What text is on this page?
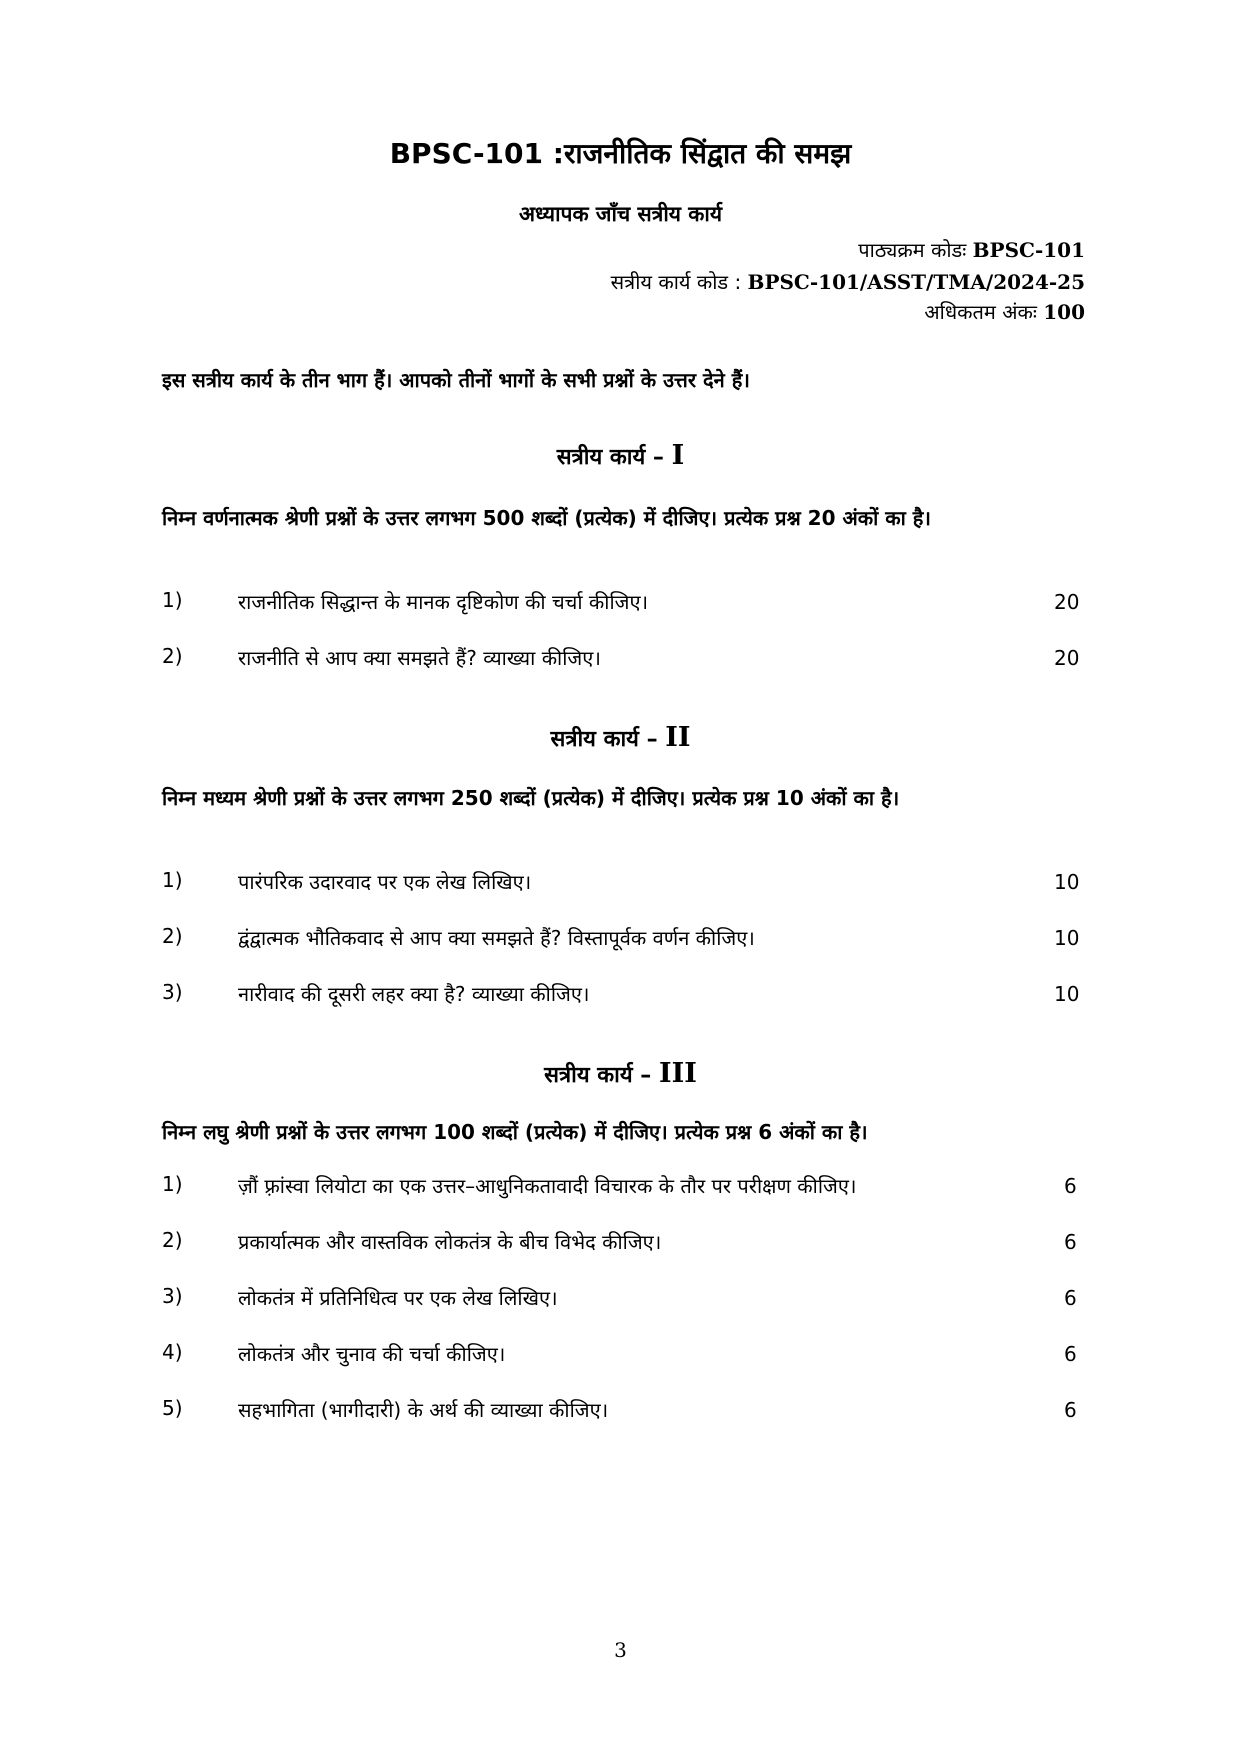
BPSC-101 :राजनीतिक सिंद्वात की समझ
अध्यापक जाँच सत्रीय कार्य
पाठ्यक्रम कोडः BPSC-101
सत्रीय कार्य कोड : BPSC-101/ASST/TMA/2024-25
अधिकतम अंकः 100
इस सत्रीय कार्य के तीन भाग हैं। आपको तीनों भागों के सभी प्रश्नों के उत्तर देने हैं।
सत्रीय कार्य – I
निम्न वर्णनात्मक श्रेणी प्रश्नों के उत्तर लगभग 500 शब्दों (प्रत्येक) में दीजिए। प्रत्येक प्रश्न 20 अंकों का है।
1)	राजनीतिक सिद्धान्त के मानक दृष्टिकोण की चर्चा कीजिए।	20
2)	राजनीति से आप क्या समझते हैं? व्याख्या कीजिए।	20
सत्रीय कार्य – II
निम्न मध्यम श्रेणी प्रश्नों के उत्तर लगभग 250 शब्दों (प्रत्येक) में दीजिए। प्रत्येक प्रश्न 10 अंकों का है।
1)	पारंपरिक उदारवाद पर एक लेख लिखिए।	10
2)	द्वंद्वात्मक भौतिकवाद से आप क्या समझते हैं? विस्तापूर्वक वर्णन कीजिए।	10
3)	नारीवाद की दूसरी लहर क्या है? व्याख्या कीजिए।	10
सत्रीय कार्य – III
निम्न लघु श्रेणी प्रश्नों के उत्तर लगभग 100 शब्दों (प्रत्येक) में दीजिए। प्रत्येक प्रश्न 6 अंकों का है।
1)	ज़ौं फ़्रांस्वा लियोटा का एक उत्तर–आधुनिकतावादी विचारक के तौर पर परीक्षण कीजिए।	6
2)	प्रकार्यात्मक और वास्तविक लोकतंत्र के बीच विभेद कीजिए।	6
3)	लोकतंत्र में प्रतिनिधित्व पर एक लेख लिखिए।	6
4)	लोकतंत्र और चुनाव की चर्चा कीजिए।	6
5)	सहभागिता (भागीदारी) के अर्थ की व्याख्या कीजिए।	6
3
